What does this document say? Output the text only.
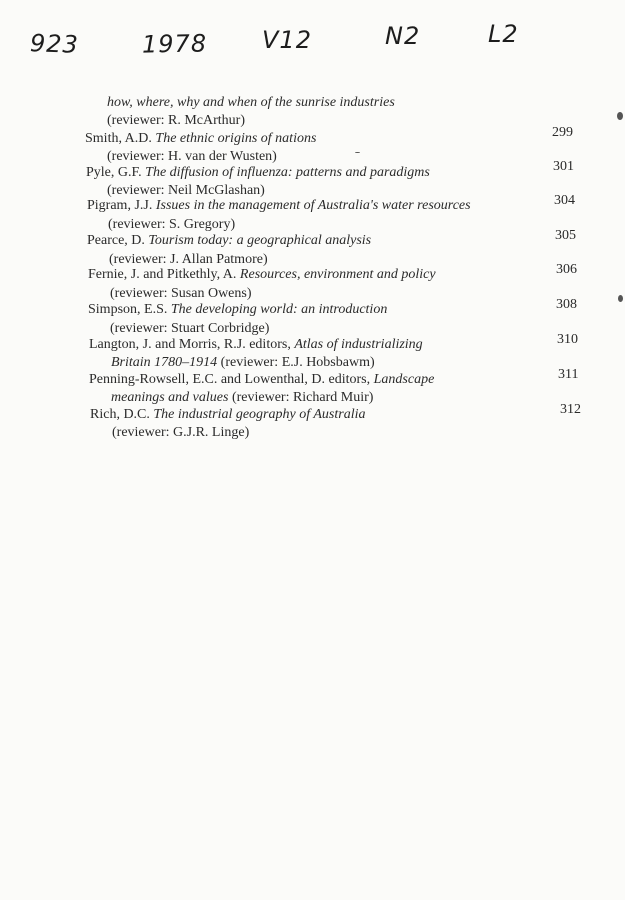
923	1978 V12	N2	L2
how, where, why and when of the sunrise industries
(reviewer: R. McArthur)
Smith, A.D. The ethnic origins of nations
(reviewer: H. van der Wusten)
299
Pyle, G.F. The diffusion of influenza: patterns and paradigms
(reviewer: Neil McGlashan)
301
Pigram, J.J. Issues in the management of Australia's water resources
(reviewer: S. Gregory)
304
Pearce, D. Tourism today: a geographical analysis
(reviewer: J. Allan Patmore)
305
Fernie, J. and Pitkethly, A. Resources, environment and policy
(reviewer: Susan Owens)
306
Simpson, E.S. The developing world: an introduction
(reviewer: Stuart Corbridge)
308
Langton, J. and Morris, R.J. editors, Atlas of industrializing
Britain 1780–1914 (reviewer: E.J. Hobsbawm)
310
Penning-Rowsell, E.C. and Lowenthal, D. editors, Landscape
meanings and values (reviewer: Richard Muir)
311
Rich, D.C. The industrial geography of Australia
(reviewer: G.J.R. Linge)
312
